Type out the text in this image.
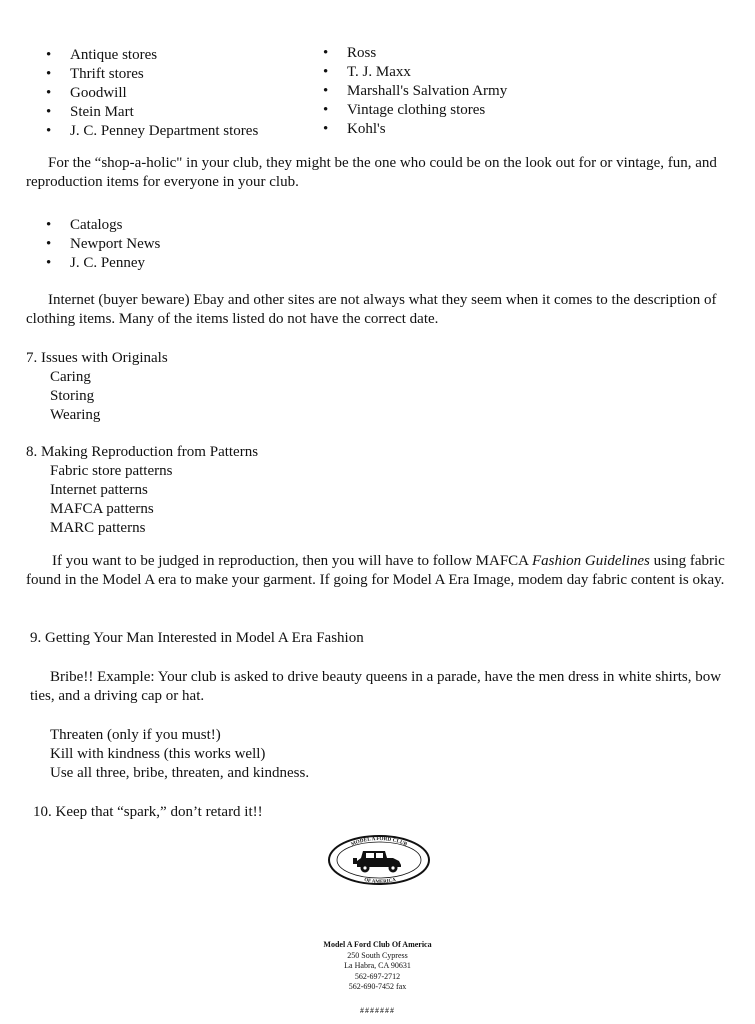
• Antique stores
• Thrift stores
• Goodwill
• Stein Mart
• J. C. Penney Department stores
• Ross
• T. J. Maxx
• Marshall's Salvation Army
• Vintage clothing stores
• Kohl's
For the “shop-a-holic" in your club, they might be the one who could be on the look out for or vintage, fun, and reproduction items for everyone in your club.
• Catalogs
• Newport News
• J. C. Penney
Internet (buyer beware) Ebay and other sites are not always what they seem when it comes to the description of clothing items. Many of the items listed do not have the correct date.
7. Issues with Originals
Caring
Storing
Wearing
8. Making Reproduction from Patterns
Fabric store patterns
Internet patterns
MAFCA patterns
MARC patterns
If you want to be judged in reproduction, then you will have to follow MAFCA Fashion Guidelines using fabric found in the Model A era to make your garment. If going for Model A Era Image, modem day fabric content is okay.
9. Getting Your Man Interested in Model A Era Fashion
Bribe!! Example: Your club is asked to drive beauty queens in a parade, have the men dress in white shirts, bow ties, and a driving cap or hat.
Threaten (only if you must!)
Kill with kindness (this works well)
Use all three, bribe, threaten, and kindness.
10. Keep that “spark,” don’t retard it!!
MODEL A FORD CLUB
OF AMERICA
Model A Ford Club Of America
250 South Cypress
La Habra, CA 90631
562-697-2712
562-690-7452 fax
#######
